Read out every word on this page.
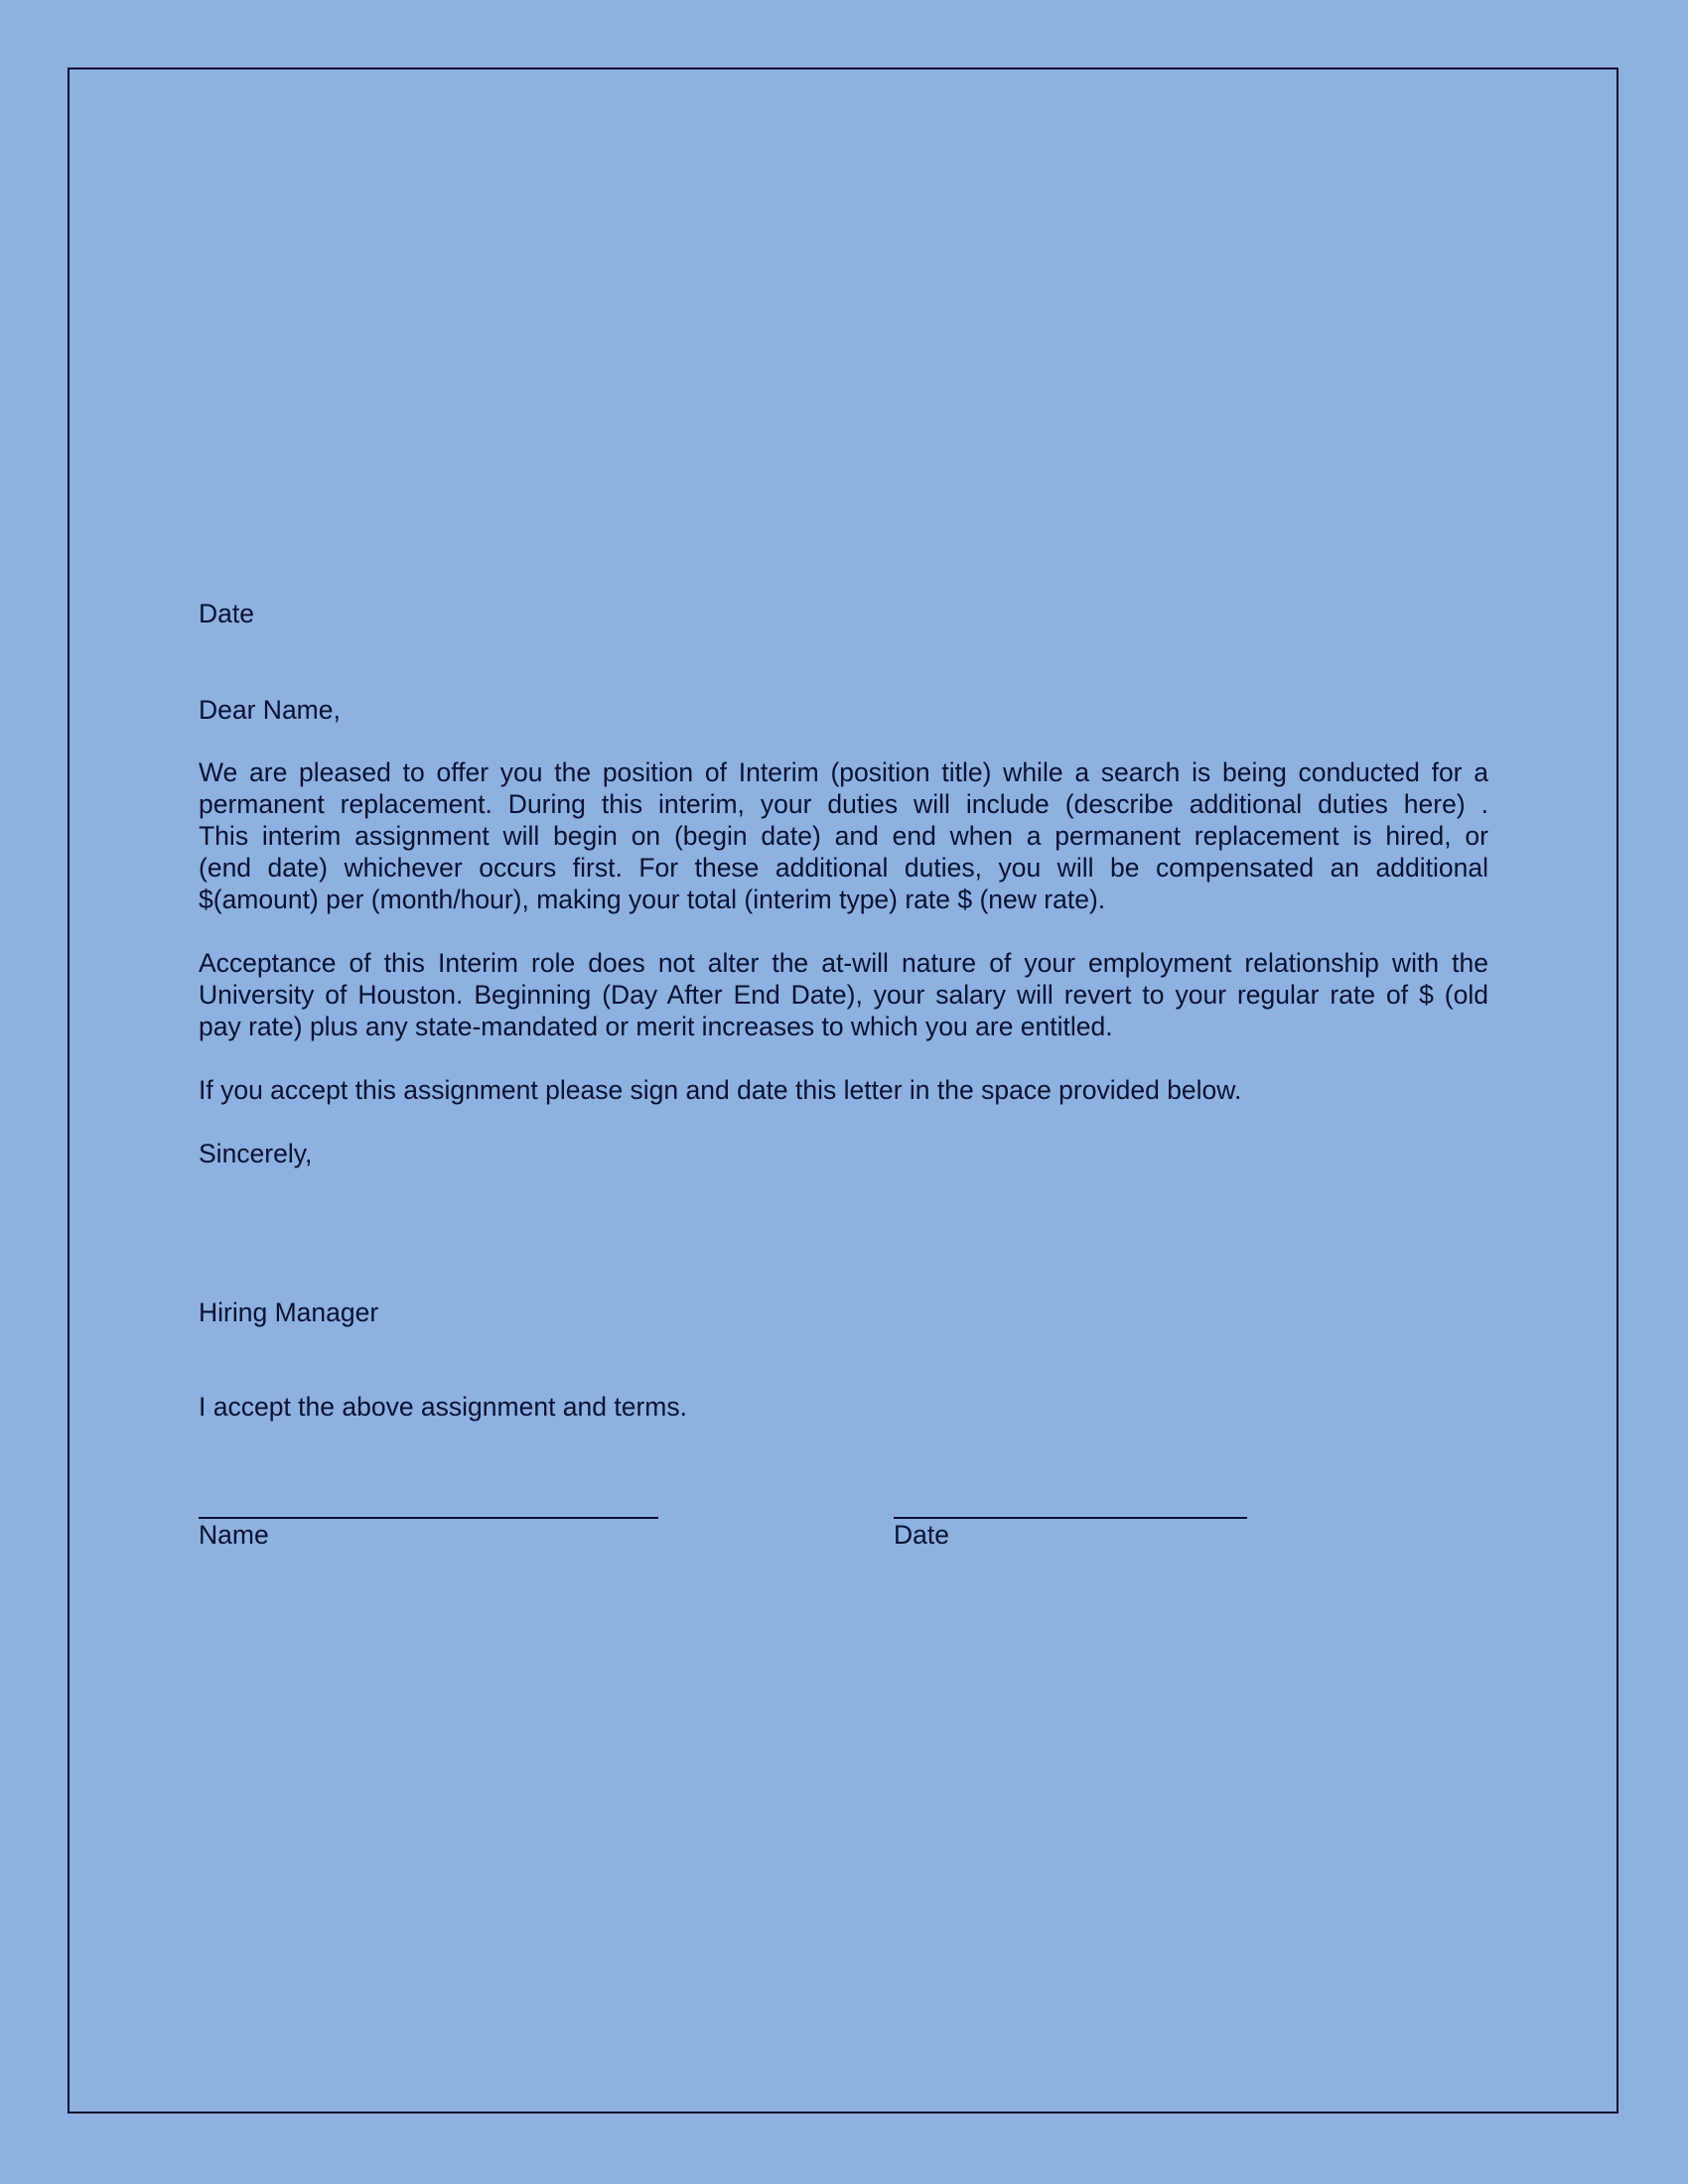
Date
Dear Name,
We are pleased to offer you the position of Interim (position title) while a search is being conducted for a
permanent replacement. During this interim, your duties will include (describe additional duties here) .
This interim assignment will begin on (begin date) and end when a permanent replacement is hired, or
(end date) whichever occurs first. For these additional duties, you will be compensated an additional
$(amount) per (month/hour), making your total (interim type) rate $ (new rate).
Acceptance of this Interim role does not alter the at-will nature of your employment relationship with the
University of Houston. Beginning (Day After End Date), your salary will revert to your regular rate of $ (old
pay rate) plus any state-mandated or merit increases to which you are entitled.
If you accept this assignment please sign and date this letter in the space provided below.
Sincerely,
Hiring Manager
I accept the above assignment and terms.
Name	Date
